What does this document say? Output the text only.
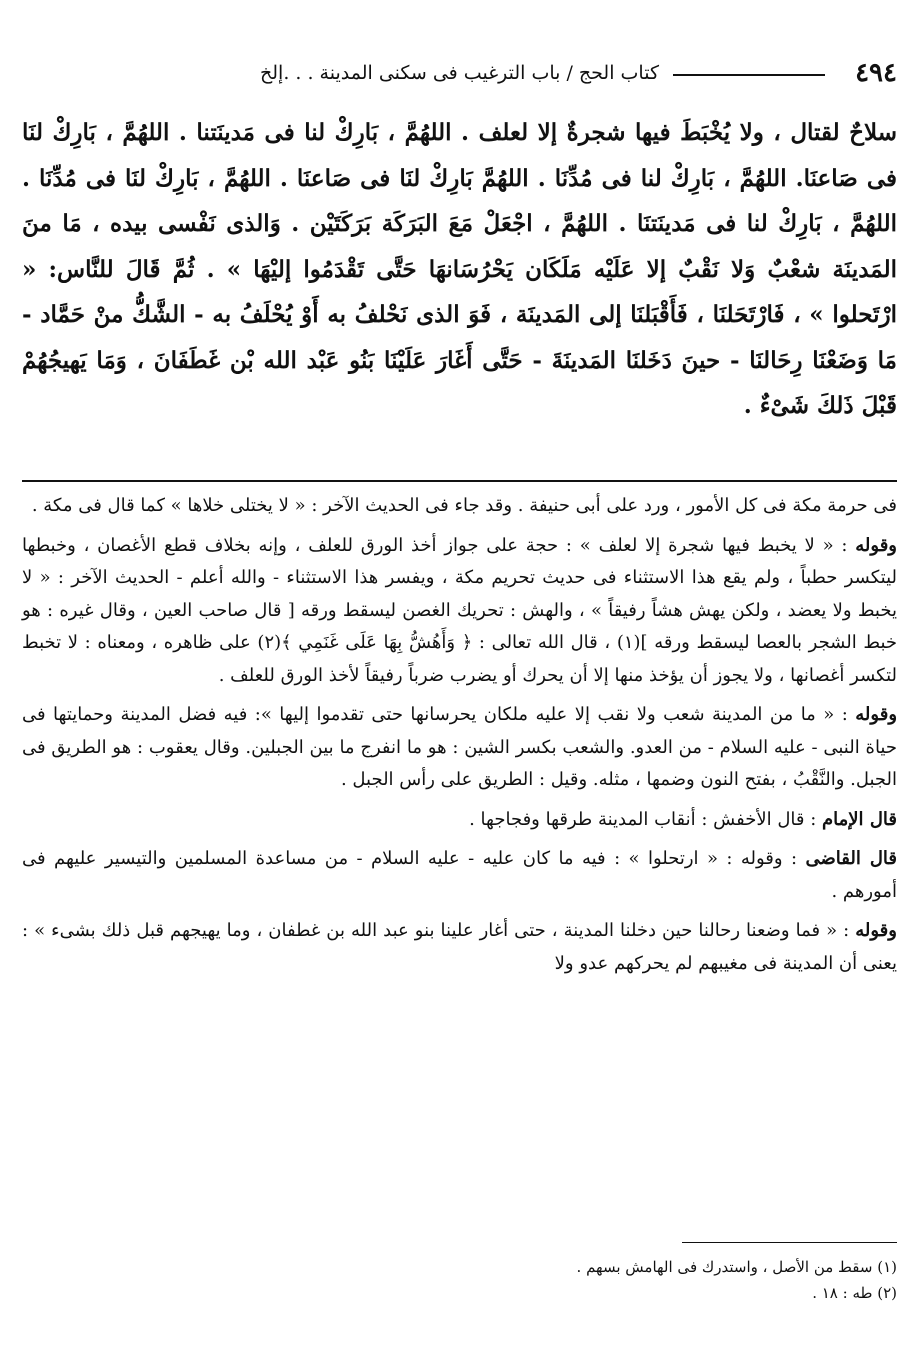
٤٩٤
كتاب الحج / باب الترغيب فى سكنى المدينة . . .إلخ
سلاحٌ لقتال ، ولا يُخْبَطَ فيها شجرةٌ إلا لعلف . اللهُمَّ ، بَارِكْ لنا فى مَدينَتنا . اللهُمَّ ، بَارِكْ لنَا فى صَاعنَا. اللهُمَّ ، بَارِكْ لنا فى مُدِّنَا . اللهُمَّ بَارِكْ لنَا فى صَاعنَا . اللهُمَّ ، بَارِكْ لنَا فى مُدِّنَا . اللهُمَّ ، بَارِكْ لنا فى مَدينَتنَا . اللهُمَّ ، اجْعَلْ مَعَ البَرَكَة بَرَكَتَيْن . وَالذى نَفْسى بيده ، مَا منَ المَدينَة شعْبٌ وَلا نَقْبٌ إلا عَلَيْه مَلَكَان يَحْرُسَانهَا حَتَّى تَقْدَمُوا إليْهَا » . ثُمَّ قَالَ للنَّاس: « ارْتَحلوا » ، فَارْتَحَلنَا ، فَأَقْبَلنَا إلى المَدينَة ، فَوَ الذى نَحْلفُ به أَوْ يُحْلَفُ به - الشَّكُّ منْ حَمَّاد - مَا وَضَعْنَا رِحَالنَا - حينَ دَخَلنَا المَدينَةَ - حَتَّى أَغَارَ عَلَيْنَا بَنُو عَبْد الله بْن غَطَفَانَ ، وَمَا يَهيجُهُمْ قَبْلَ ذَلكَ شَىْءٌ .

فى حرمة مكة فى كل الأمور ، ورد على أبى حنيفة . وقد جاء فى الحديث الآخر : « لا يختلى خلاها » كما قال فى مكة .

وقوله : « لا يخبط فيها شجرة إلا لعلف » : حجة على جواز أخذ الورق للعلف ، وإنه بخلاف قطع الأغصان ، وخبطها ليتكسر حطباً ، ولم يقع هذا الاستثناء فى حديث تحريم مكة ، ويفسر هذا الاستثناء - والله أعلم - الحديث الآخر : « لا يخبط ولا يعضد ، ولكن يهش هشاً رفيقاً » ، والهش : تحريك الغصن ليسقط ورقه [ قال صاحب العين ، وقال غيره : هو خبط الشجر بالعصا ليسقط ورقه ](١) ، قال الله تعالى : ﴿ وَأَهُشُّ بِهَا عَلَى غَنَمِي ﴾(٢) على ظاهره ، ومعناه : لا تخبط لتكسر أغصانها ، ولا يجوز أن يؤخذ منها إلا أن يحرك أو يضرب ضرباً رفيقاً لأخذ الورق للعلف .

وقوله : « ما من المدينة شعب ولا نقب إلا عليه ملكان يحرسانها حتى تقدموا إليها »: فيه فضل المدينة وحمايتها فى حياة النبى - عليه السلام - من العدو. والشعب بكسر الشين : هو ما انفرج ما بين الجبلين. وقال يعقوب : هو الطريق فى الجبل. والنَّقْبُ ، بفتح النون وضمها ، مثله. وقيل : الطريق على رأس الجبل .

قال الإمام : قال الأخفش : أنقاب المدينة طرقها وفجاجها .

قال القاضى : وقوله : « ارتحلوا » : فيه ما كان عليه - عليه السلام - من مساعدة المسلمين والتيسير عليهم فى أمورهم .

وقوله : « فما وضعنا رحالنا حين دخلنا المدينة ، حتى أغار علينا بنو عبد الله بن غطفان ، وما يهيجهم قبل ذلك بشىء » : يعنى أن المدينة فى مغيبهم لم يحركهم عدو ولا

(١) سقط من الأصل ، واستدرك فى الهامش بسهم .
(٢) طه : ١٨ .
